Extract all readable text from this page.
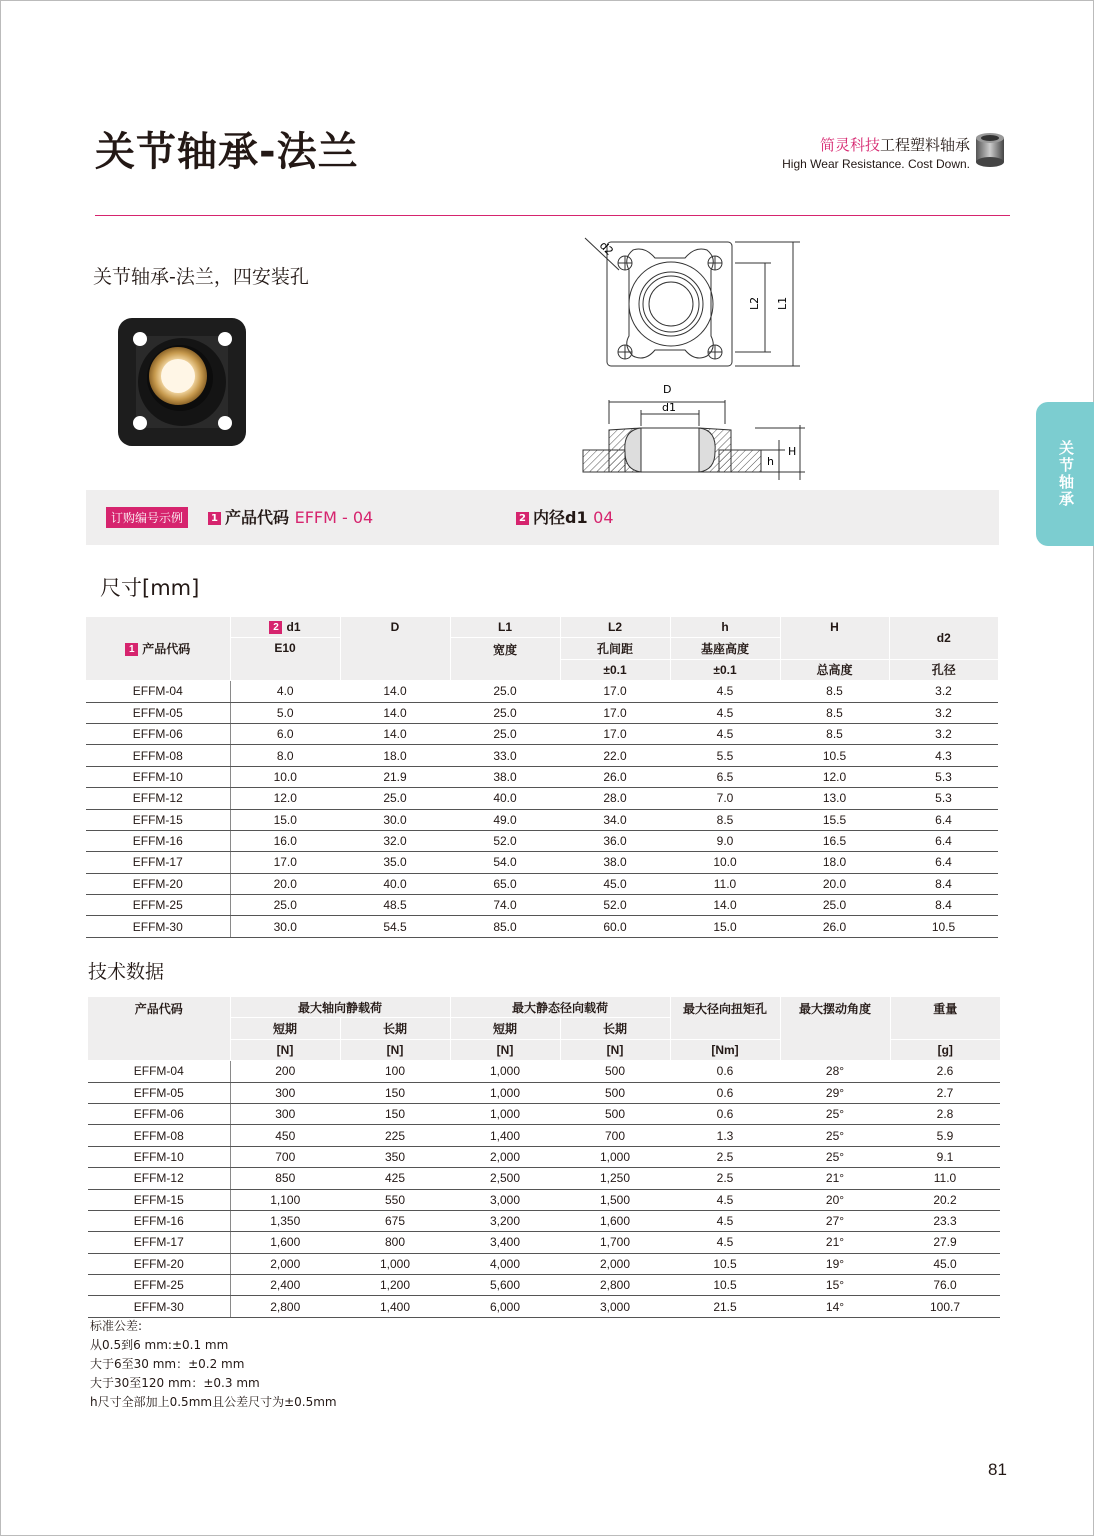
关节轴承-法兰	简灵科技工程塑料轴承
High Wear Resistance. Cost Down.
关节轴承-法兰，四安装孔
d2
L2 L1
D
d1
h
H	关节轴承
订购编号示例	1 产品代码 EFFM - 04	2 内径d1 04
尺寸[mm]
1 产品代码	2 d1	D	L1	L2	h	H	d2
	E10		宽度	孔间距	基座高度		
				±0.1	±0.1	总高度	孔径
EFFM-04	4.0	14.0	25.0	17.0	4.5	8.5	3.2
EFFM-05	5.0	14.0	25.0	17.0	4.5	8.5	3.2
EFFM-06	6.0	14.0	25.0	17.0	4.5	8.5	3.2
EFFM-08	8.0	18.0	33.0	22.0	5.5	10.5	4.3
EFFM-10	10.0	21.9	38.0	26.0	6.5	12.0	5.3
EFFM-12	12.0	25.0	40.0	28.0	7.0	13.0	5.3
EFFM-15	15.0	30.0	49.0	34.0	8.5	15.5	6.4
EFFM-16	16.0	32.0	52.0	36.0	9.0	16.5	6.4
EFFM-17	17.0	35.0	54.0	38.0	10.0	18.0	6.4
EFFM-20	20.0	40.0	65.0	45.0	11.0	20.0	8.4
EFFM-25	25.0	48.5	74.0	52.0	14.0	25.0	8.4
EFFM-30	30.0	54.5	85.0	60.0	15.0	26.0	10.5
技术数据
产品代码	最大轴向静载荷		最大静态径向载荷		最大径向扭矩孔	最大摆动角度	重量
	短期	长期	短期	长期			
	[N]	[N]	[N]	[N]	[Nm]		[g]
EFFM-04	200	100	1,000	500	0.6	28°	2.6
EFFM-05	300	150	1,000	500	0.6	29°	2.7
EFFM-06	300	150	1,000	500	0.6	25°	2.8
EFFM-08	450	225	1,400	700	1.3	25°	5.9
EFFM-10	700	350	2,000	1,000	2.5	25°	9.1
EFFM-12	850	425	2,500	1,250	2.5	21°	11.0
EFFM-15	1,100	550	3,000	1,500	4.5	20°	20.2
EFFM-16	1,350	675	3,200	1,600	4.5	27°	23.3
EFFM-17	1,600	800	3,400	1,700	4.5	21°	27.9
EFFM-20	2,000	1,000	4,000	2,000	10.5	19°	45.0
EFFM-25	2,400	1,200	5,600	2,800	10.5	15°	76.0
EFFM-30	2,800	1,400	6,000	3,000	21.5	14°	100.7
标准公差:
从0.5到6 mm:±0.1 mm
大于6至30 mm：±0.2 mm
大于30至120 mm：±0.3 mm
h尺寸全部加上0.5mm且公差尺寸为±0.5mm
81
